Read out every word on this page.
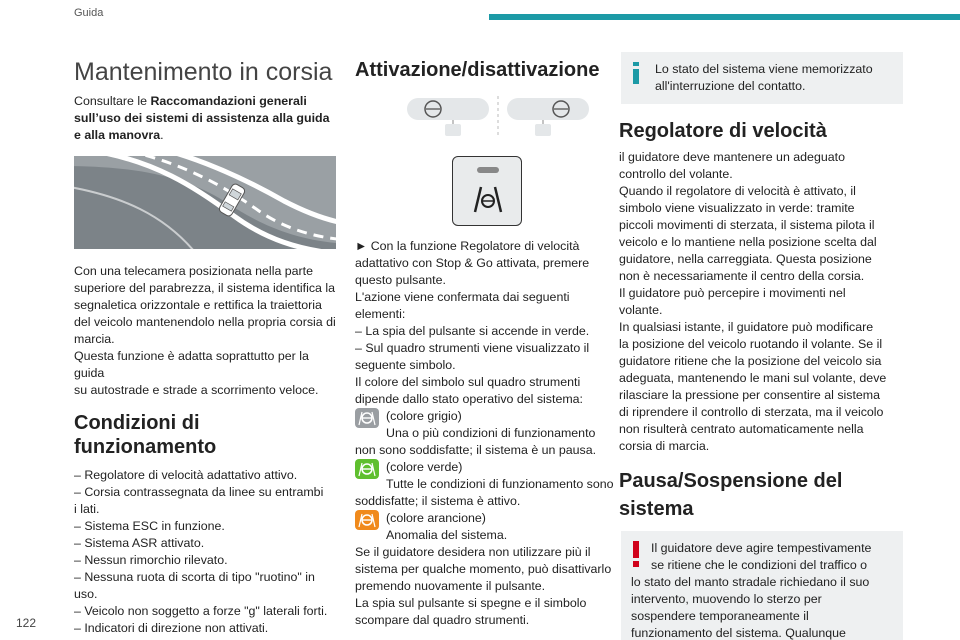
Guida
Mantenimento in corsia
Consultare le Raccomandazioni generali sull’uso dei sistemi di assistenza alla guida e alla manovra.
Con una telecamera posizionata nella parte
superiore del parabrezza, il sistema identifica la
segnaletica orizzontale e rettifica la traiettoria
del veicolo mantenendolo nella propria corsia di
marcia.
Questa funzione è adatta soprattutto per la guida
su autostrade e strade a scorrimento veloce.
Condizioni di
funzionamento
– Regolatore di velocità adattativo attivo.
– Corsia contrassegnata da linee su entrambi
i lati.
– Sistema ESC in funzione.
– Sistema ASR attivato.
– Nessun rimorchio rilevato.
– Nessuna ruota di scorta di tipo "ruotino" in
uso.
– Veicolo non soggetto a forze "g" laterali forti.
– Indicatori di direzione non attivati.
Attivazione/disattivazione
► Con la funzione Regolatore di velocità
adattativo con Stop & Go attivata, premere
questo pulsante.
L'azione viene confermata dai seguenti elementi:
– La spia del pulsante si accende in verde.
– Sul quadro strumenti viene visualizzato il
seguente simbolo.
Il colore del simbolo sul quadro strumenti
dipende dallo stato operativo del sistema:
(colore grigio)
Una o più condizioni di funzionamento
non sono soddisfatte; il sistema è un pausa.
(colore verde)
Tutte le condizioni di funzionamento sono
soddisfatte; il sistema è attivo.
(colore arancione)
Anomalia del sistema.
Se il guidatore desidera non utilizzare più il
sistema per qualche momento, può disattivarlo
premendo nuovamente il pulsante.
La spia sul pulsante si spegne e il simbolo
scompare dal quadro strumenti.
Lo stato del sistema viene memorizzato
all'interruzione del contatto.
Regolatore di velocità
il guidatore deve mantenere un adeguato
controllo del volante.
Quando il regolatore di velocità è attivato, il
simbolo viene visualizzato in verde: tramite
piccoli movimenti di sterzata, il sistema pilota il
veicolo e lo mantiene nella posizione scelta dal
guidatore, nella carreggiata. Questa posizione
non è necessariamente il centro della corsia.
Il guidatore può percepire i movimenti nel
volante.
In qualsiasi istante, il guidatore può modificare
la posizione del veicolo ruotando il volante. Se il
guidatore ritiene che la posizione del veicolo sia
adeguata, mantenendo le mani sul volante, deve
rilasciare la pressione per consentire al sistema
di riprendere il controllo di sterzata, ma il veicolo
non risulterà centrato automaticamente nella
corsia di marcia.
Pausa/Sospensione del
sistema
Il guidatore deve agire tempestivamente
se ritiene che le condizioni del traffico o
lo stato del manto stradale richiedano il suo
intervento, muovendo lo sterzo per
sospendere temporaneamente il
funzionamento del sistema. Qualunque
122
